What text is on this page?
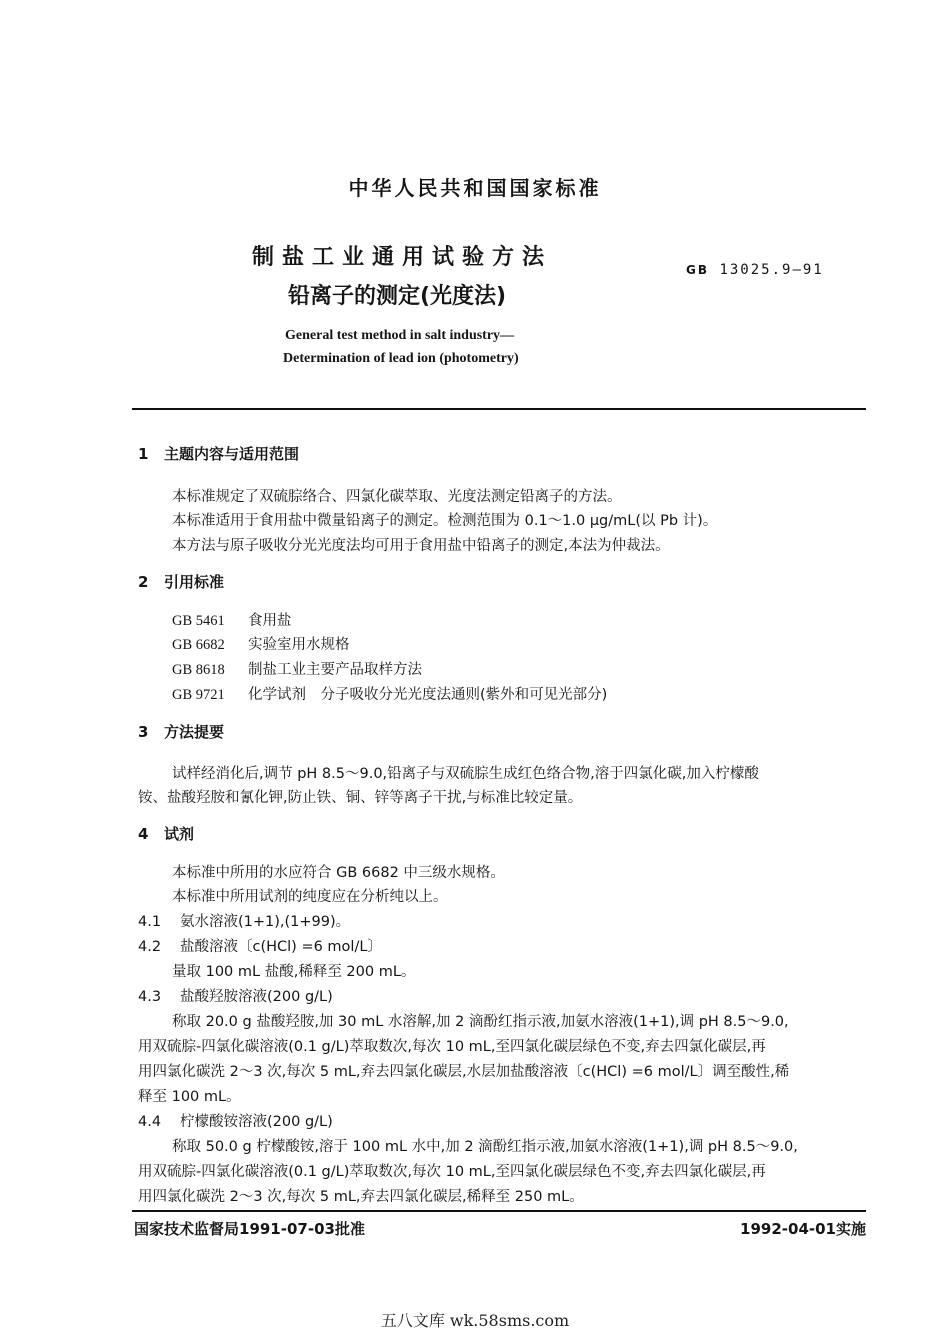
中华人民共和国国家标准
制盐工业通用试验方法
铅离子的测定(光度法)
GB 13025.9—91
General test method in salt industry—
Determination of lead ion (photometry)
1 主题内容与适用范围
本标准规定了双硫腙络合、四氯化碳萃取、光度法测定铅离子的方法。
本标准适用于食用盐中微量铅离子的测定。检测范围为 0.1～1.0 μg/mL(以 Pb 计)。
本方法与原子吸收分光光度法均可用于食用盐中铅离子的测定,本法为仲裁法。
2 引用标准
GB 5461 食用盐
GB 6682 实验室用水规格
GB 8618 制盐工业主要产品取样方法
GB 9721 化学试剂　分子吸收分光光度法通则(紫外和可见光部分)
3 方法提要
试样经消化后,调节 pH 8.5～9.0,铅离子与双硫腙生成红色络合物,溶于四氯化碳,加入柠檬酸
铵、盐酸羟胺和氰化钾,防止铁、铜、锌等离子干扰,与标准比较定量。
4 试剂
本标准中所用的水应符合 GB 6682 中三级水规格。
本标准中所用试剂的纯度应在分析纯以上。
4.1 氨水溶液(1+1),(1+99)。
4.2 盐酸溶液〔c(HCl) =6 mol/L〕
量取 100 mL 盐酸,稀释至 200 mL。
4.3 盐酸羟胺溶液(200 g/L)
称取 20.0 g 盐酸羟胺,加 30 mL 水溶解,加 2 滴酚红指示液,加氨水溶液(1+1),调 pH 8.5～9.0,
用双硫腙-四氯化碳溶液(0.1 g/L)萃取数次,每次 10 mL,至四氯化碳层绿色不变,弃去四氯化碳层,再
用四氯化碳洗 2～3 次,每次 5 mL,弃去四氯化碳层,水层加盐酸溶液〔c(HCl) =6 mol/L〕调至酸性,稀
释至 100 mL。
4.4 柠檬酸铵溶液(200 g/L)
称取 50.0 g 柠檬酸铵,溶于 100 mL 水中,加 2 滴酚红指示液,加氨水溶液(1+1),调 pH 8.5～9.0,
用双硫腙-四氯化碳溶液(0.1 g/L)萃取数次,每次 10 mL,至四氯化碳层绿色不变,弃去四氯化碳层,再
用四氯化碳洗 2～3 次,每次 5 mL,弃去四氯化碳层,稀释至 250 mL。
国家技术监督局1991-07-03批准	1992-04-01实施
五八文库 wk.58sms.com
